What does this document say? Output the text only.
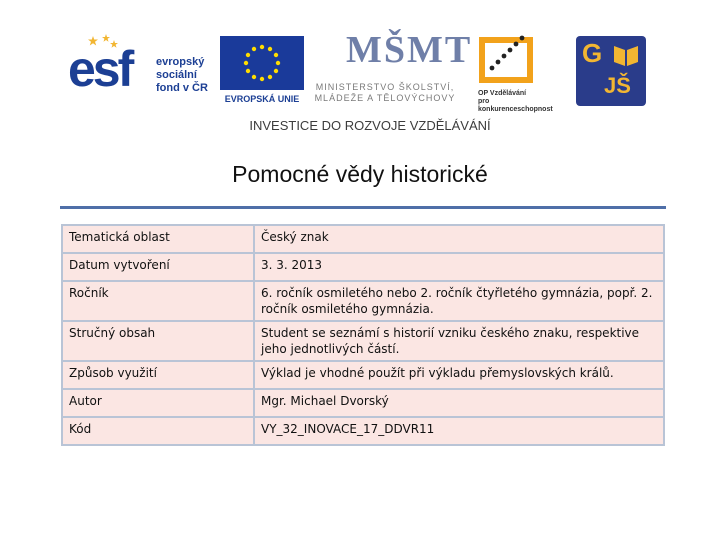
esf evropský
sociální
fond v ČR
EVROPSKÁ UNIE
MŠMT
MINISTERSTVO ŠKOLSTVÍ,
MLÁDEŽE A TĚLOVÝCHOVY	OP Vzdělávání
pro konkurenceschopnost
G
JŠ
INVESTICE DO ROZVOJE VZDĚLÁVÁNÍ
Pomocné vědy historické
Tematická oblast	Český znak
Datum vytvoření	3. 3. 2013
Ročník	6. ročník osmiletého nebo 2. ročník čtyřletého gymnázia, popř. 2. ročník osmiletého gymnázia.
Stručný obsah	Student se seznámí s historií vzniku českého znaku, respektive jeho jednotlivých částí.
Způsob využití	Výklad je vhodné použít při výkladu přemyslovských králů.
Autor	Mgr. Michael Dvorský
Kód	VY_32_INOVACE_17_DDVR11
